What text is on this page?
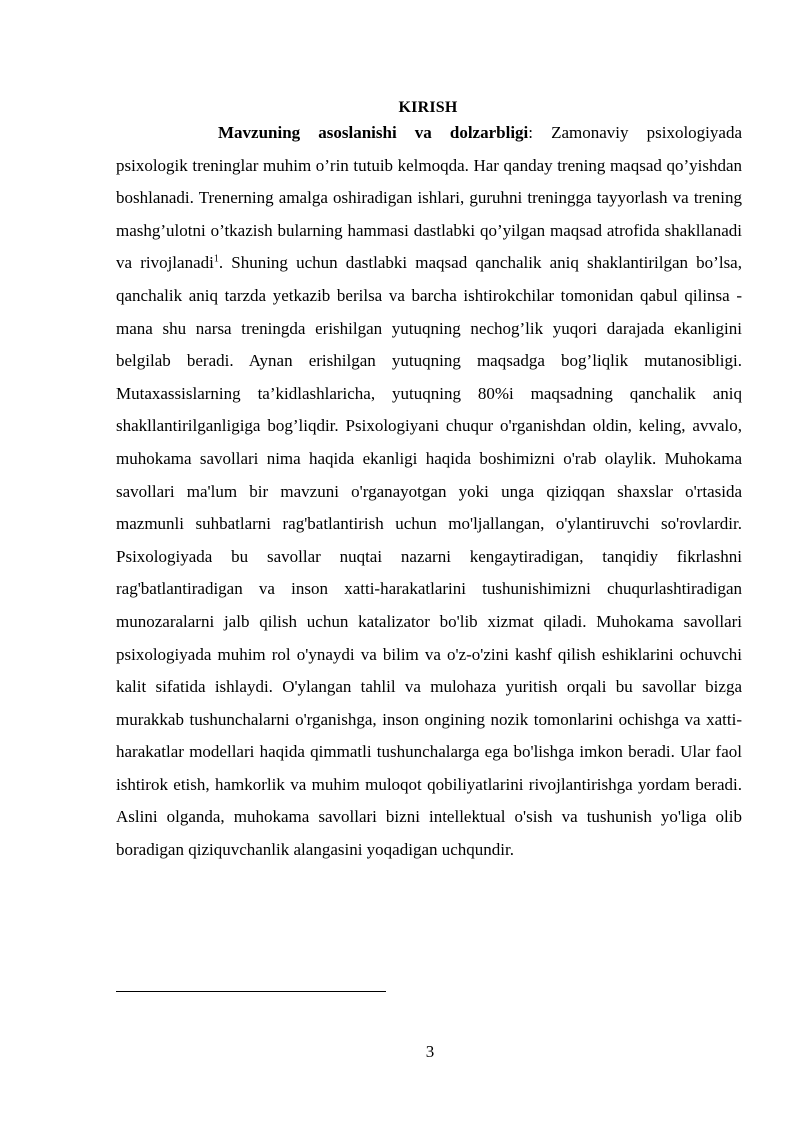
KIRISH

Mavzuning asoslanishi va dolzarbligi: Zamonaviy psixologiyada psixologik treninglar muhim o’rin tutuib kelmoqda. Har qanday trening maqsad qo’yishdan boshlanadi. Trenerning amalga oshiradigan ishlari, guruhni treningga tayyorlash va trening mashg’ulotni o’tkazish bularning hammasi dastlabki qo’yilgan maqsad atrofida shakllanadi va rivojlanadi$^1$. Shuning uchun dastlabki maqsad qanchalik aniq shaklantirilgan bo’lsa, qanchalik aniq tarzda yetkazib berilsa va barcha ishtirokchilar tomonidan qabul qilinsa - mana shu narsa treningda erishilgan yutuqning nechog’lik yuqori darajada ekanligini belgilab beradi. Aynan erishilgan yutuqning maqsadga bog’liqlik mutanosibligi. Mutaxassislarning ta’kidlashlaricha, yutuqning 80%i maqsadning qanchalik aniq shakllantirilganligiga bog’liqdir. Psixologiyani chuqur o'rganishdan oldin, keling, avvalo, muhokama savollari nima haqida ekanligi haqida boshimizni o'rab olaylik. Muhokama savollari ma'lum bir mavzuni o'rganayotgan yoki unga qiziqqan shaxslar o'rtasida mazmunli suhbatlarni rag'batlantirish uchun mo'ljallangan, o'ylantiruvchi so'rovlardir. Psixologiyada bu savollar nuqtai nazarni kengaytiradigan, tanqidiy fikrlashni rag'batlantiradigan va inson xatti-harakatlarini tushunishimizni chuqurlashtiradigan munozaralarni jalb qilish uchun katalizator bo'lib xizmat qiladi. Muhokama savollari psixologiyada muhim rol o'ynaydi va bilim va o'z-o'zini kashf qilish eshiklarini ochuvchi kalit sifatida ishlaydi. O'ylangan tahlil va mulohaza yuritish orqali bu savollar bizga murakkab tushunchalarni o'rganishga, inson ongining nozik tomonlarini ochishga va xatti-harakatlar modellari haqida qimmatli tushunchalarga ega bo'lishga imkon beradi. Ular faol ishtirok etish, hamkorlik va muhim muloqot qobiliyatlarini rivojlantirishga yordam beradi. Aslini olganda, muhokama savollari bizni intellektual o'sish va tushunish yo'liga olib boradigan qiziquvchanlik alangasini yoqadigan uchqundir.

3
